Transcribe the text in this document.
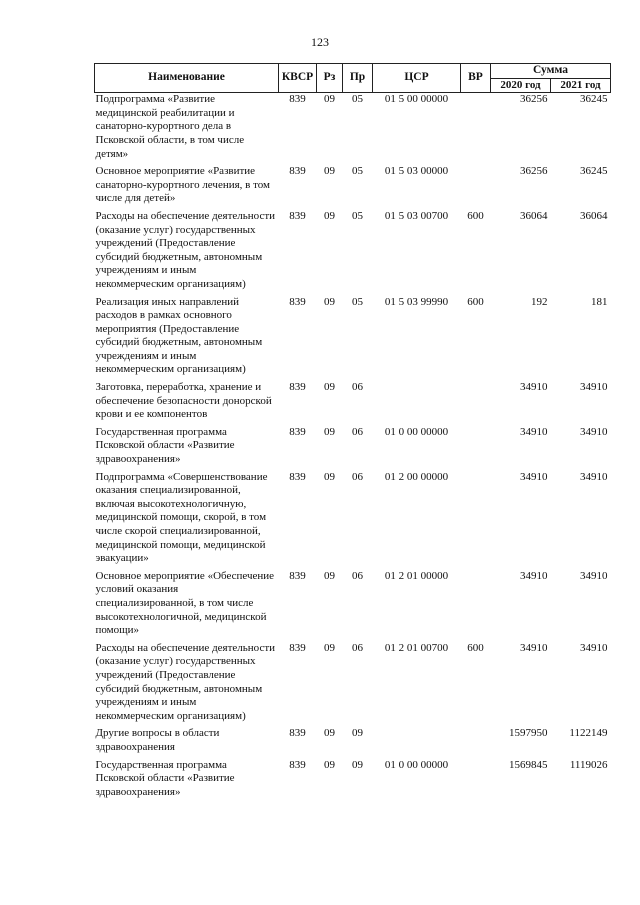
123
Наименование	КВСР	Рз	Пр	ЦСР	ВР	Сумма	
						2020 год	2021 год
Подпрограмма «Развитие медицинской реабилитации и санаторно-курортного дела в Псковской области, в том числе детям»	839	09	05	01 5 00 00000		36256	36245
Основное мероприятие «Развитие санаторно-курортного лечения, в том числе для детей»	839	09	05	01 5 03 00000		36256	36245
Расходы на обеспечение деятельности (оказание услуг) государственных учреждений (Предоставление субсидий бюджетным, автономным учреждениям и иным некоммерческим организациям)	839	09	05	01 5 03 00700	600	36064	36064
Реализация иных направлений расходов в рамках основного мероприятия (Предоставление субсидий бюджетным, автономным учреждениям и иным некоммерческим организациям)	839	09	05	01 5 03 99990	600	192	181
Заготовка, переработка, хранение и обеспечение безопасности донорской крови и ее компонентов	839	09	06			34910	34910
Государственная программа Псковской области «Развитие здравоохранения»	839	09	06	01 0 00 00000		34910	34910
Подпрограмма «Совершенствование оказания специализированной, включая высокотехнологичную, медицинской помощи, скорой, в том числе скорой специализированной, медицинской помощи, медицинской эвакуации»	839	09	06	01 2 00 00000		34910	34910
Основное мероприятие «Обеспечение условий оказания специализированной, в том числе высокотехнологичной, медицинской помощи»	839	09	06	01 2 01 00000		34910	34910
Расходы на обеспечение деятельности (оказание услуг) государственных учреждений (Предоставление субсидий бюджетным, автономным учреждениям и иным некоммерческим организациям)	839	09	06	01 2 01 00700	600	34910	34910
Другие вопросы в области здравоохранения	839	09	09			1597950	1122149
Государственная программа Псковской области «Развитие здравоохранения»	839	09	09	01 0 00 00000		1569845	1119026
